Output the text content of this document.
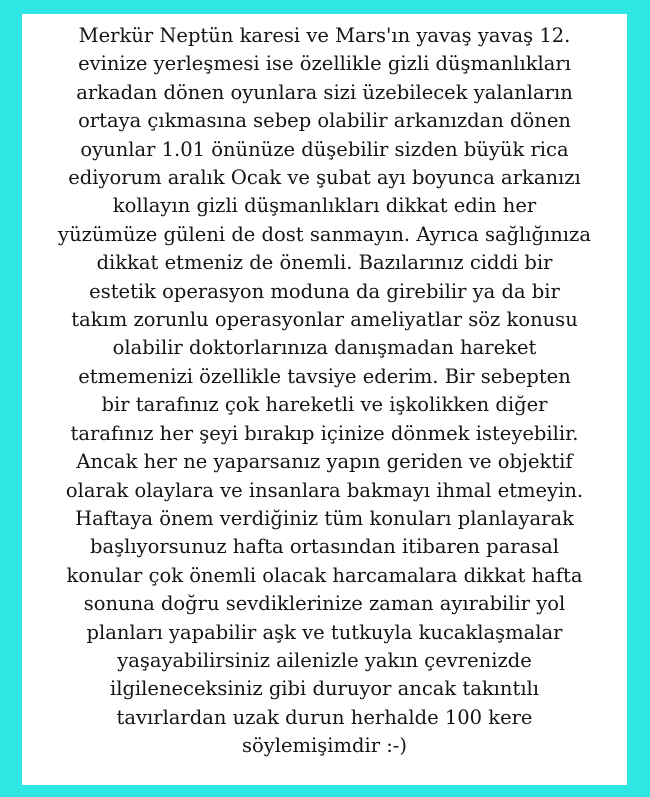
Merkür Neptün karesi ve Mars'ın yavaş yavaş 12.
evinize yerleşmesi ise özellikle gizli düşmanlıkları
arkadan dönen oyunlara sizi üzebilecek yalanların
ortaya çıkmasına sebep olabilir arkanızdan dönen
oyunlar 1.01 önünüze düşebilir sizden büyük rica
ediyorum aralık Ocak ve şubat ayı boyunca arkanızı
kollayın gizli düşmanlıkları dikkat edin her
yüzümüze güleni de dost sanmayın. Ayrıca sağlığınıza
dikkat etmeniz de önemli. Bazılarınız ciddi bir
estetik operasyon moduna da girebilir ya da bir
takım zorunlu operasyonlar ameliyatlar söz konusu
olabilir doktorlarınıza danışmadan hareket
etmemenizi özellikle tavsiye ederim. Bir sebepten
bir tarafınız çok hareketli ve işkolikken diğer
tarafınız her şeyi bırakıp içinize dönmek isteyebilir.
Ancak her ne yaparsanız yapın geriden ve objektif
olarak olaylara ve insanlara bakmayı ihmal etmeyin.
Haftaya önem verdiğiniz tüm konuları planlayarak
başlıyorsunuz hafta ortasından itibaren parasal
konular çok önemli olacak harcamalara dikkat hafta
sonuna doğru sevdiklerinize zaman ayırabilir yol
planları yapabilir aşk ve tutkuyla kucaklaşmalar
yaşayabilirsiniz ailenizle yakın çevrenizde
ilgileneceksiniz gibi duruyor ancak takıntılı
tavırlardan uzak durun herhalde 100 kere
söylemişimdir :-)
